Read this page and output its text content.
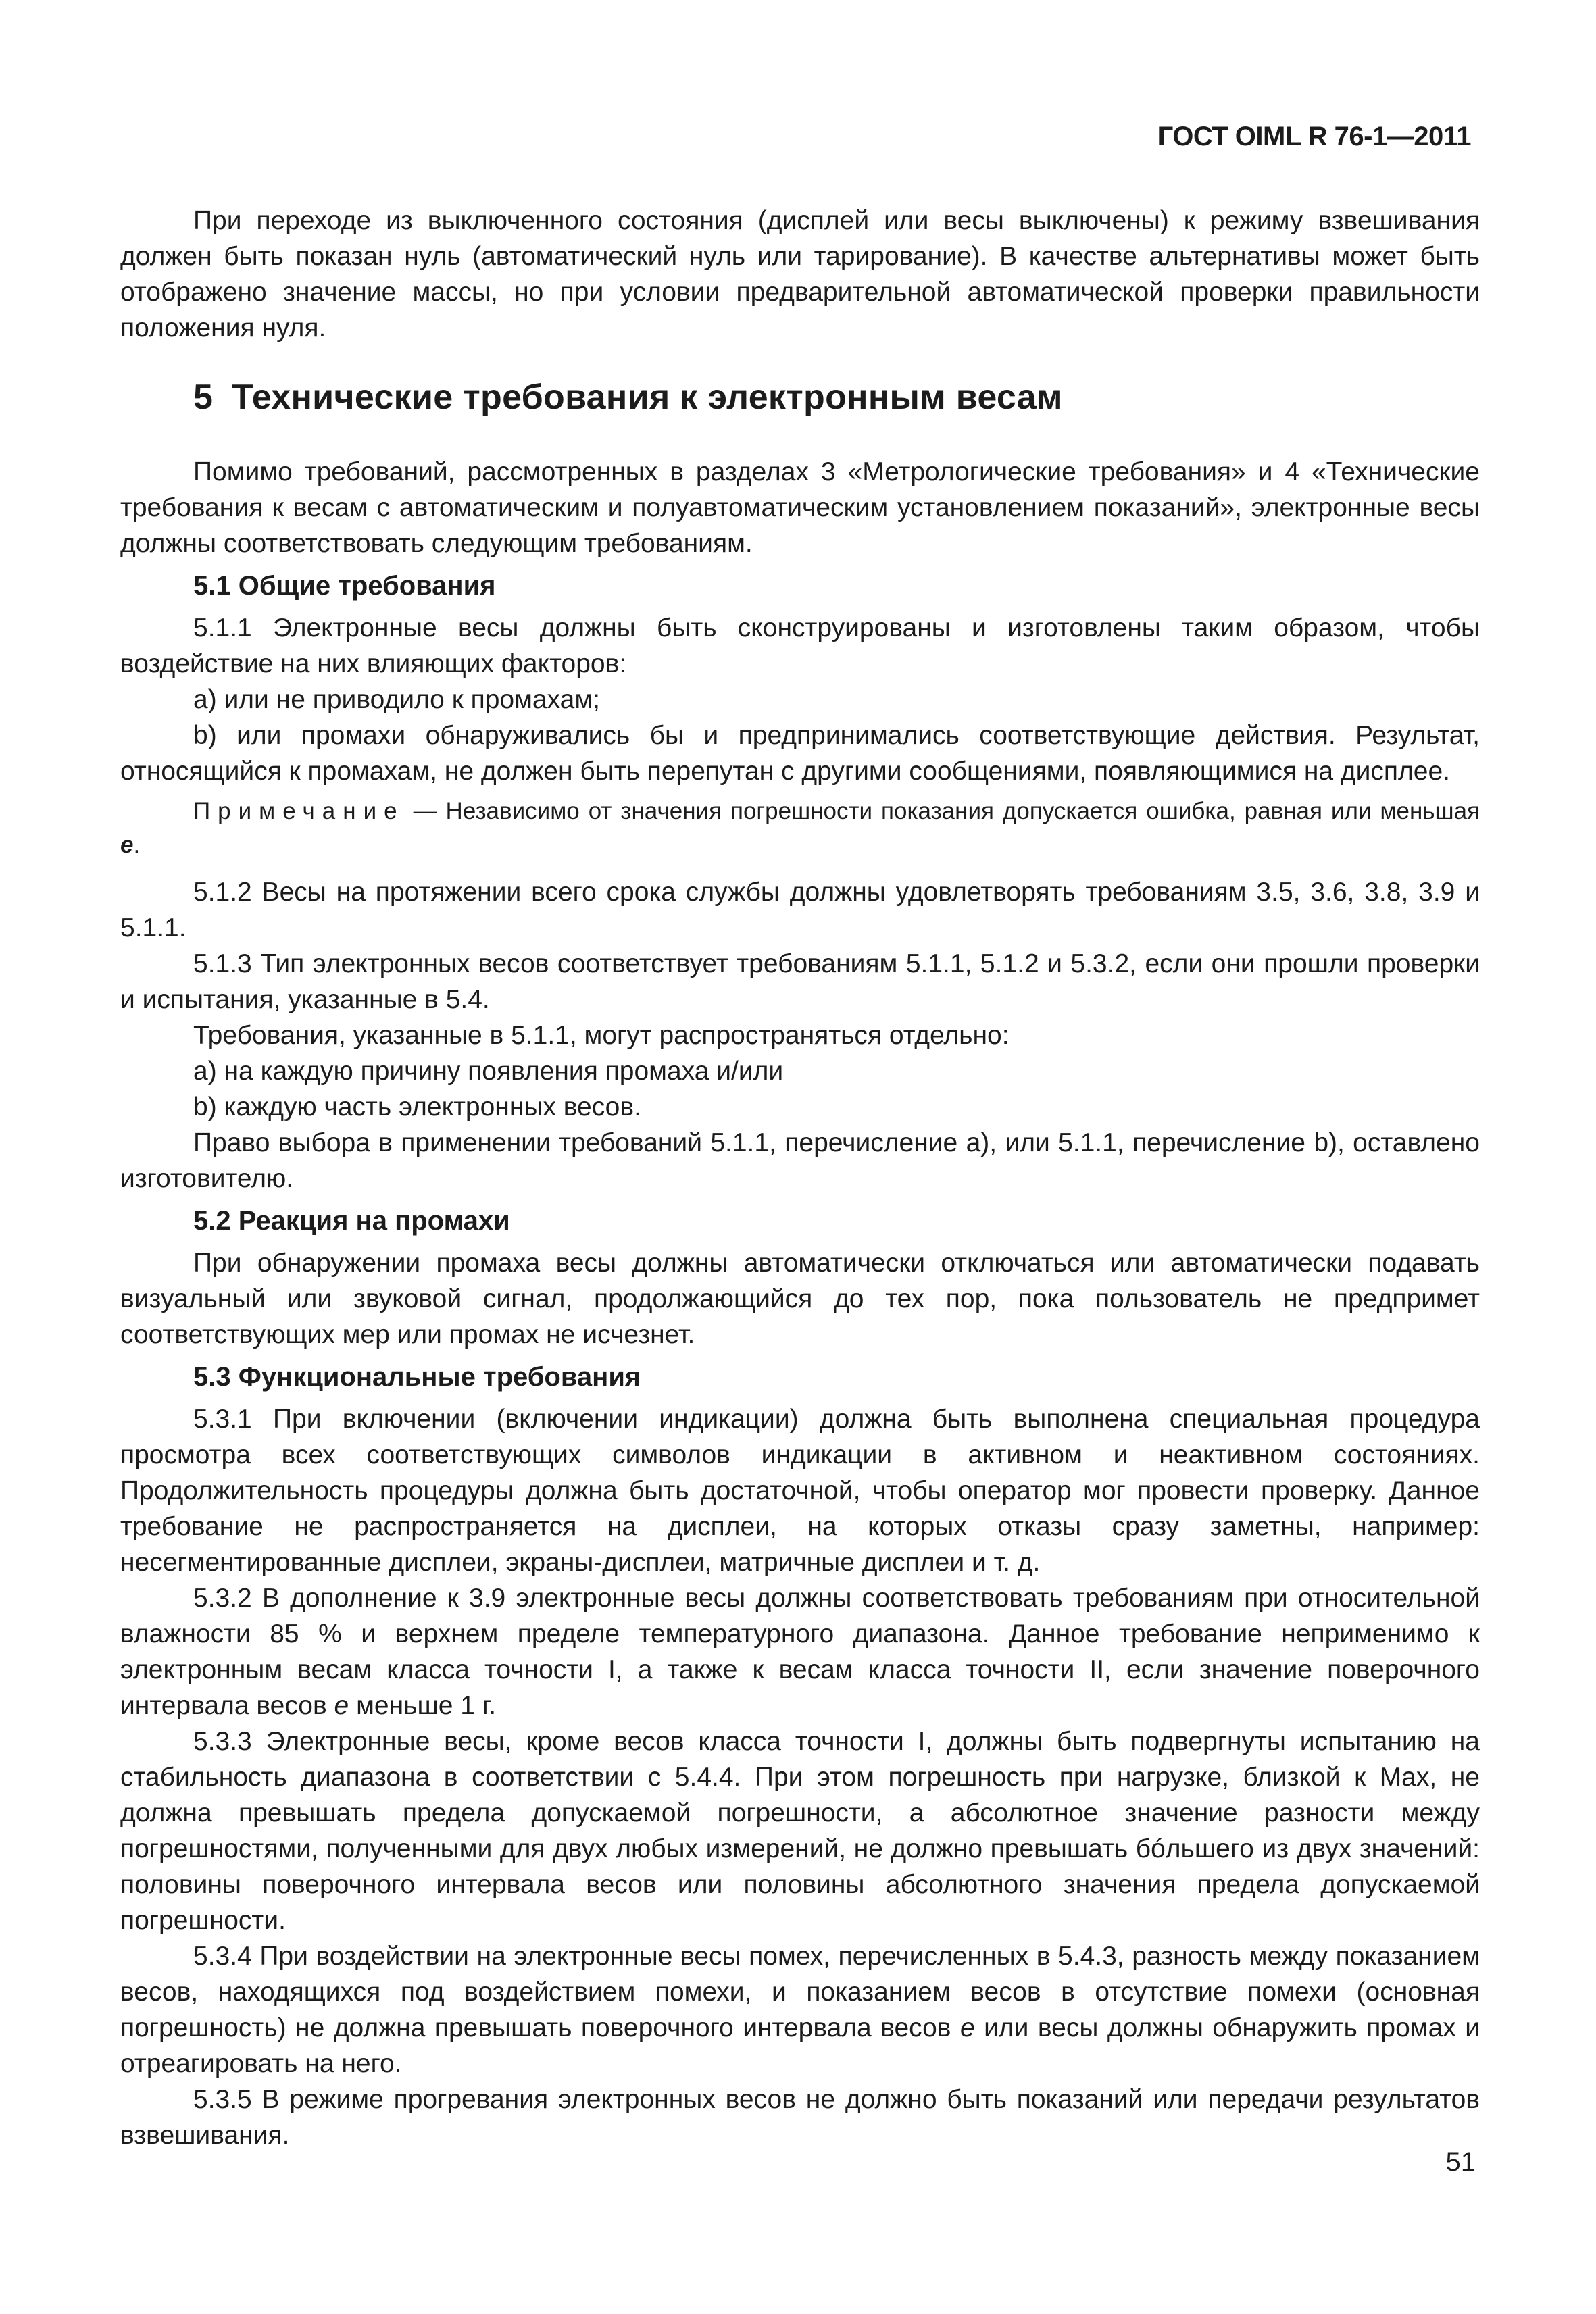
ГОСТ OIML R 76-1—2011

При переходе из выключенного состояния (дисплей или весы выключены) к режиму взвешивания должен быть показан нуль (автоматический нуль или тарирование). В качестве альтернативы может быть отображено значение массы, но при условии предварительной автоматической проверки правильности положения нуля.

5 Технические требования к электронным весам

Помимо требований, рассмотренных в разделах 3 «Метрологические требования» и 4 «Технические требования к весам с автоматическим и полуавтоматическим установлением показаний», электронные весы должны соответствовать следующим требованиям.

5.1 Общие требования

5.1.1 Электронные весы должны быть сконструированы и изготовлены таким образом, чтобы воздействие на них влияющих факторов:

a) или не приводило к промахам;

b) или промахи обнаруживались бы и предпринимались соответствующие действия. Результат, относящийся к промахам, не должен быть перепутан с другими сообщениями, появляющимися на дисплее.

Примечание — Независимо от значения погрешности показания допускается ошибка, равная или меньшая e.

5.1.2 Весы на протяжении всего срока службы должны удовлетворять требованиям 3.5, 3.6, 3.8, 3.9 и 5.1.1.

5.1.3 Тип электронных весов соответствует требованиям 5.1.1, 5.1.2 и 5.3.2, если они прошли проверки и испытания, указанные в 5.4.

Требования, указанные в 5.1.1, могут распространяться отдельно:

a) на каждую причину появления промаха и/или

b) каждую часть электронных весов.

Право выбора в применении требований 5.1.1, перечисление a), или 5.1.1, перечисление b), оставлено изготовителю.

5.2 Реакция на промахи

При обнаружении промаха весы должны автоматически отключаться или автоматически подавать визуальный или звуковой сигнал, продолжающийся до тех пор, пока пользователь не предпримет соответствующих мер или промах не исчезнет.

5.3 Функциональные требования

5.3.1 При включении (включении индикации) должна быть выполнена специальная процедура просмотра всех соответствующих символов индикации в активном и неактивном состояниях. Продолжительность процедуры должна быть достаточной, чтобы оператор мог провести проверку. Данное требование не распространяется на дисплеи, на которых отказы сразу заметны, например: несегментированные дисплеи, экраны-дисплеи, матричные дисплеи и т. д.

5.3.2 В дополнение к 3.9 электронные весы должны соответствовать требованиям при относительной влажности 85 % и верхнем пределе температурного диапазона. Данное требование неприменимо к электронным весам класса точности I, а также к весам класса точности II, если значение поверочного интервала весов e меньше 1 г.

5.3.3 Электронные весы, кроме весов класса точности I, должны быть подвергнуты испытанию на стабильность диапазона в соответствии с 5.4.4. При этом погрешность при нагрузке, близкой к Max, не должна превышать предела допускаемой погрешности, а абсолютное значение разности между погрешностями, полученными для двух любых измерений, не должно превышать бóльшего из двух значений: половины поверочного интервала весов или половины абсолютного значения предела допускаемой погрешности.

5.3.4 При воздействии на электронные весы помех, перечисленных в 5.4.3, разность между показанием весов, находящихся под воздействием помехи, и показанием весов в отсутствие помехи (основная погрешность) не должна превышать поверочного интервала весов e или весы должны обнаружить промах и отреагировать на него.

5.3.5 В режиме прогревания электронных весов не должно быть показаний или передачи результатов взвешивания.

51
